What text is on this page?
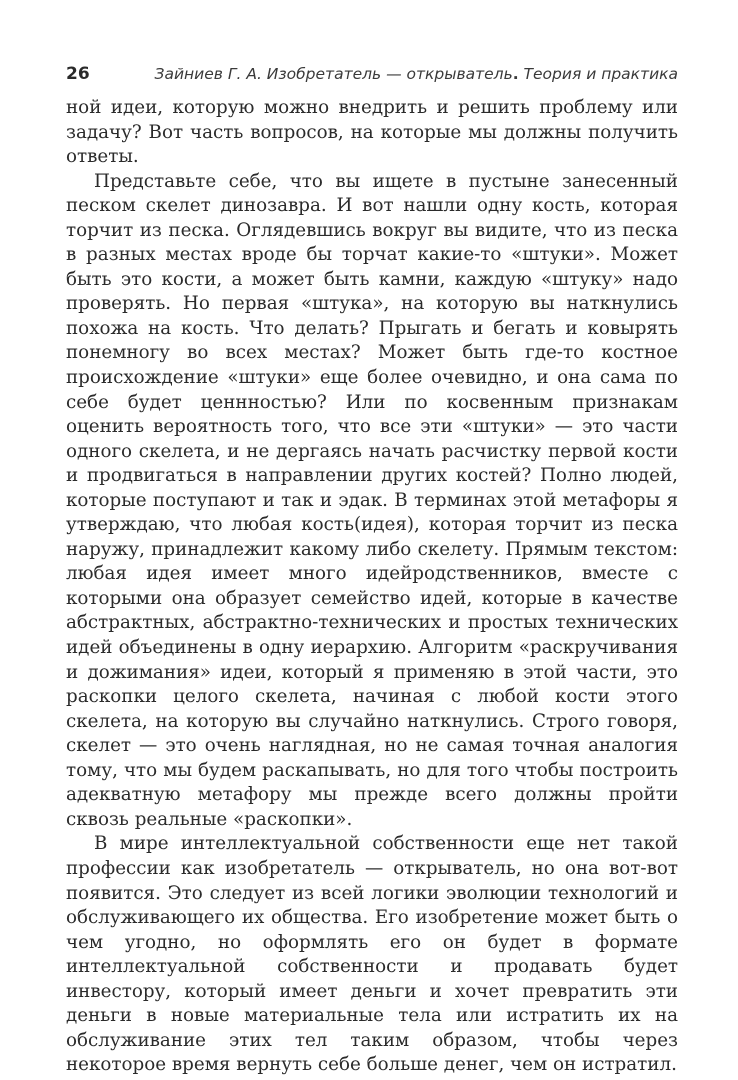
26	Зайниев Г. А. Изобретатель — открыватель. Теория и практика

ной идеи, которую можно внедрить и решить проблему или задачу? Вот часть вопросов, на которые мы должны получить ответы.

Представьте себе, что вы ищете в пустыне занесенный песком скелет динозавра. И вот нашли одну кость, которая торчит из песка. Оглядевшись вокруг вы видите, что из песка в разных местах вроде бы торчат какие-то «штуки». Может быть это кости, а может быть камни, каждую «штуку» надо проверять. Но первая «штука», на которую вы наткнулись похожа на кость. Что делать? Прыгать и бегать и ковырять понемногу во всех местах? Может быть где-то костное происхождение «штуки» еще более очевидно, и она сама по себе будет ценнностью? Или по косвенным признакам оценить вероятность того, что все эти «штуки» — это части одного скелета, и не дергаясь начать расчистку первой кости и продвигаться в направлении других костей? Полно людей, которые поступают и так и эдак. В терминах этой метафоры я утверждаю, что любая кость(идея), которая торчит из песка наружу, принадлежит какому либо скелету. Прямым текстом: любая идея имеет много идейродственников, вместе с которыми она образует семейство идей, которые в качестве абстрактных, абстрактно-технических и простых технических идей объединены в одну иерархию. Алгоритм «раскручивания и дожимания» идеи, который я применяю в этой части, это раскопки целого скелета, начиная с любой кости этого скелета, на которую вы случайно наткнулись. Строго говоря, скелет — это очень наглядная, но не самая точная аналогия тому, что мы будем раскапывать, но для того чтобы построить адекватную метафору мы прежде всего должны пройти сквозь реальные «раскопки».

В мире интеллектуальной собственности еще нет такой профессии как изобретатель — открыватель, но она вот-вот появится. Это следует из всей логики эволюции технологий и обслуживающего их общества. Его изобретение может быть о чем угодно, но оформлять его он будет в формате интеллектуальной собственности и продавать будет инвестору, который имеет деньги и хочет превратить эти деньги в новые материальные тела или истратить их на обслуживание этих тел таким образом, чтобы через некоторое время вернуть себе больше денег, чем он истратил.
